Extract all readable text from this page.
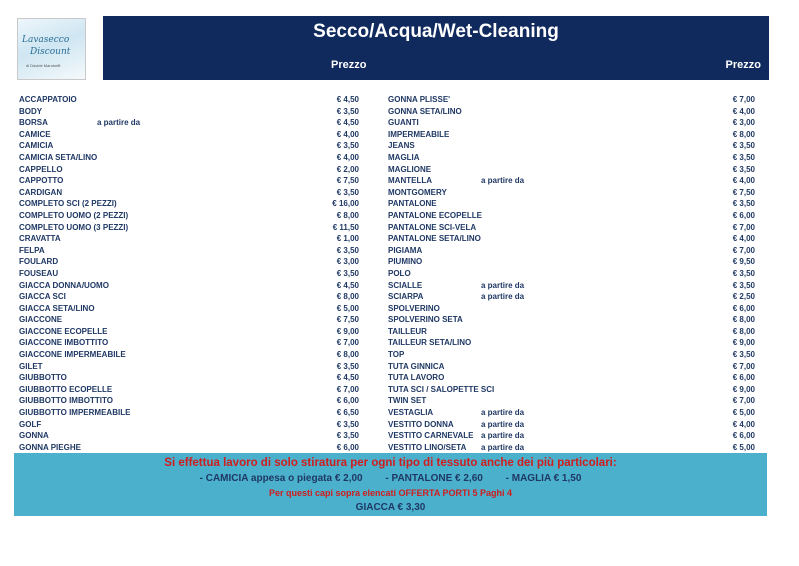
Lavasecco
Discount
di Davide Mandorffi
Secco/Acqua/Wet-Cleaning
Prezzo	Prezzo
ACCAPPATOIO	€ 4,50
BODY	€ 3,50
BORSA	a partire da	€ 4,50
CAMICE	€ 4,00
CAMICIA	€ 3,50
CAMICIA SETA/LINO	€ 4,00
CAPPELLO	€ 2,00
CAPPOTTO	€ 7,50
CARDIGAN	€ 3,50
COMPLETO SCI (2 PEZZI)	€ 16,00
COMPLETO UOMO (2 PEZZI)	€ 8,00
COMPLETO UOMO (3 PEZZI)	€ 11,50
CRAVATTA	€ 1,00
FELPA	€ 3,50
FOULARD	€ 3,00
FOUSEAU	€ 3,50
GIACCA DONNA/UOMO	€ 4,50
GIACCA SCI	€ 8,00
GIACCA SETA/LINO	€ 5,00
GIACCONE	€ 7,50
GIACCONE ECOPELLE	€ 9,00
GIACCONE IMBOTTITO	€ 7,00
GIACCONE IMPERMEABILE	€ 8,00
GILET	€ 3,50
GIUBBOTTO	€ 4,50
GIUBBOTTO ECOPELLE	€ 7,00
GIUBBOTTO IMBOTTITO	€ 6,00
GIUBBOTTO IMPERMEABILE	€ 6,50
GOLF	€ 3,50
GONNA	€ 3,50
GONNA PIEGHE	€ 6,00
GONNA PLISSE'	€ 7,00
GONNA SETA/LINO	€ 4,00
GUANTI	€ 3,00
IMPERMEABILE	€ 8,00
JEANS	€ 3,50
MAGLIA	€ 3,50
MAGLIONE	€ 3,50
MANTELLA	a partire da	€ 4,00
MONTGOMERY	€ 7,50
PANTALONE	€ 3,50
PANTALONE ECOPELLE	€ 6,00
PANTALONE SCI-VELA	€ 7,00
PANTALONE SETA/LINO	€ 4,00
PIGIAMA	€ 7,00
PIUMINO	€ 9,50
POLO	€ 3,50
SCIALLE	a partire da	€ 3,50
SCIARPA	a partire da	€ 2,50
SPOLVERINO	€ 6,00
SPOLVERINO SETA	€ 8,00
TAILLEUR	€ 8,00
TAILLEUR SETA/LINO	€ 9,00
TOP	€ 3,50
TUTA GINNICA	€ 7,00
TUTA LAVORO	€ 6,00
TUTA SCI / SALOPETTE SCI	€ 9,00
TWIN SET	€ 7,00
VESTAGLIA	a partire da	€ 5,00
VESTITO DONNA	a partire da	€ 4,00
VESTITO CARNEVALE a partire da	€ 6,00
VESTITO LINO/SETA a partire da	€ 5,00
Si effettua lavoro di solo stiratura per ogni tipo di tessuto anche dei più particolari:
- CAMICIA appesa o piegata € 2,00 - PANTALONE € 2,60 - MAGLIA € 1,50
Per questi capi sopra elencati OFFERTA PORTI 5 Paghi 4
GIACCA € 3,30
